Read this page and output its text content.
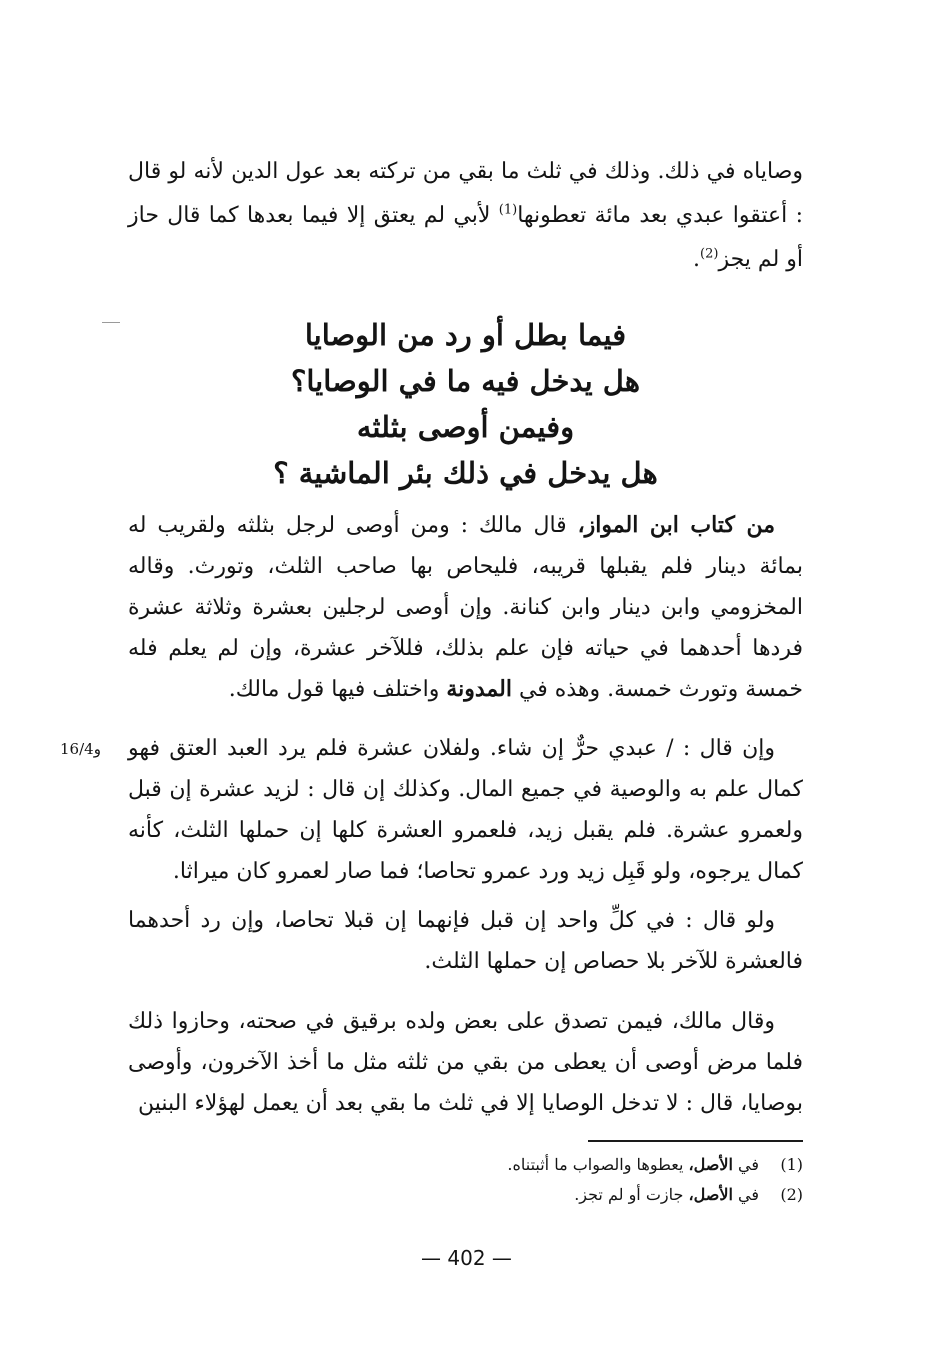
وصاياه في ذلك. وذلك في ثلث ما بقي من تركته بعد عول الدين لأنه لو قال : أعتقوا عبدي بعد مائة تعطونها$^{(1)}$ لأبي لم يعتق إلا فيما بعدها كما قال حاز أو لم يجز$^{(2)}$.
فيما بطل أو رد من الوصايا
هل يدخل فيه ما في الوصايا؟
وفيمن أوصى بثلثه
هل يدخل في ذلك بئر الماشية ؟

من كتاب ابن المواز، قال مالك : ومن أوصى لرجل بثلثه ولقريب له بمائة دينار فلم يقبلها قريبه، فليحاص بها صاحب الثلث، وتورث. وقاله المخزومي وابن دينار وابن كنانة. وإن أوصى لرجلين بعشرة وثلاثة عشرة فردها أحدهما في حياته فإن علم بذلك، فللآخر عشرة، وإن لم يعلم فله خمسة وتورث خمسة. وهذه في المدونة واختلف فيها قول مالك.

وإن قال : / عبدي حرٌّ إن شاء. ولفلان عشرة فلم يرد العبد العتق فهو كمال علم به والوصية في جميع المال. وكذلك إن قال : لزيد عشرة إن قبل ولعمرو عشرة. فلم يقبل زيد، فلعمرو العشرة كلها إن حملها الثلث، كأنه كمال يرجوه، ولو قَبِل زيد ورد عمرو تحاصا؛ فما صار لعمرو كان ميراثا.

16/4و

ولو قال : في كلِّ واحد إن قبل فإنهما إن قبلا تحاصا، وإن رد أحدهما فالعشرة للآخر بلا حصاص إن حملها الثلث.

وقال مالك، فيمن تصدق على بعض ولده برقيق في صحته، وحازوا ذلك فلما مرض أوصى أن يعطى من بقي من ثلثه مثل ما أخذ الآخرون، وأوصى بوصايا، قال : لا تدخل الوصايا إلا في ثلث ما بقي بعد أن يعمل لهؤلاء البنين

(1)
في الأصل، يعطوها والصواب ما أثبتناه.
(2)
في الأصل، جازت أو لم تجز.
— 402 —
